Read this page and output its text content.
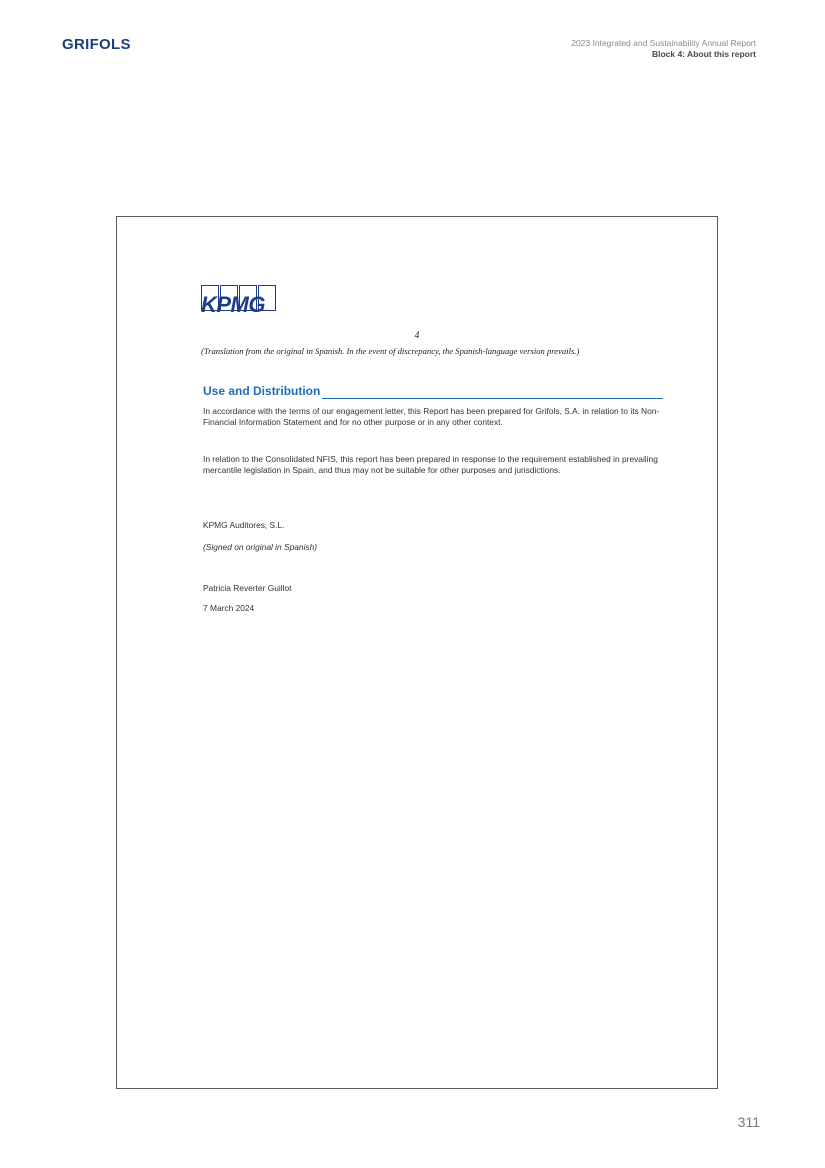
GRIFOLS	2023 Integrated and Sustainability Annual Report
Block 4: About this report
KPMG
4
(Translation from the original in Spanish. In the event of discrepancy, the Spanish-language version prevails.)
Use and Distribution
In accordance with the terms of our engagement letter, this Report has been prepared for Grifols, S.A. in relation to its Non-Financial Information Statement and for no other purpose or in any other context.
In relation to the Consolidated NFIS, this report has been prepared in response to the requirement established in prevailing mercantile legislation in Spain, and thus may not be suitable for other purposes and jurisdictions.
KPMG Auditores, S.L.
(Signed on original in Spanish)
Patricia Reverter Guillot
7 March 2024
311
